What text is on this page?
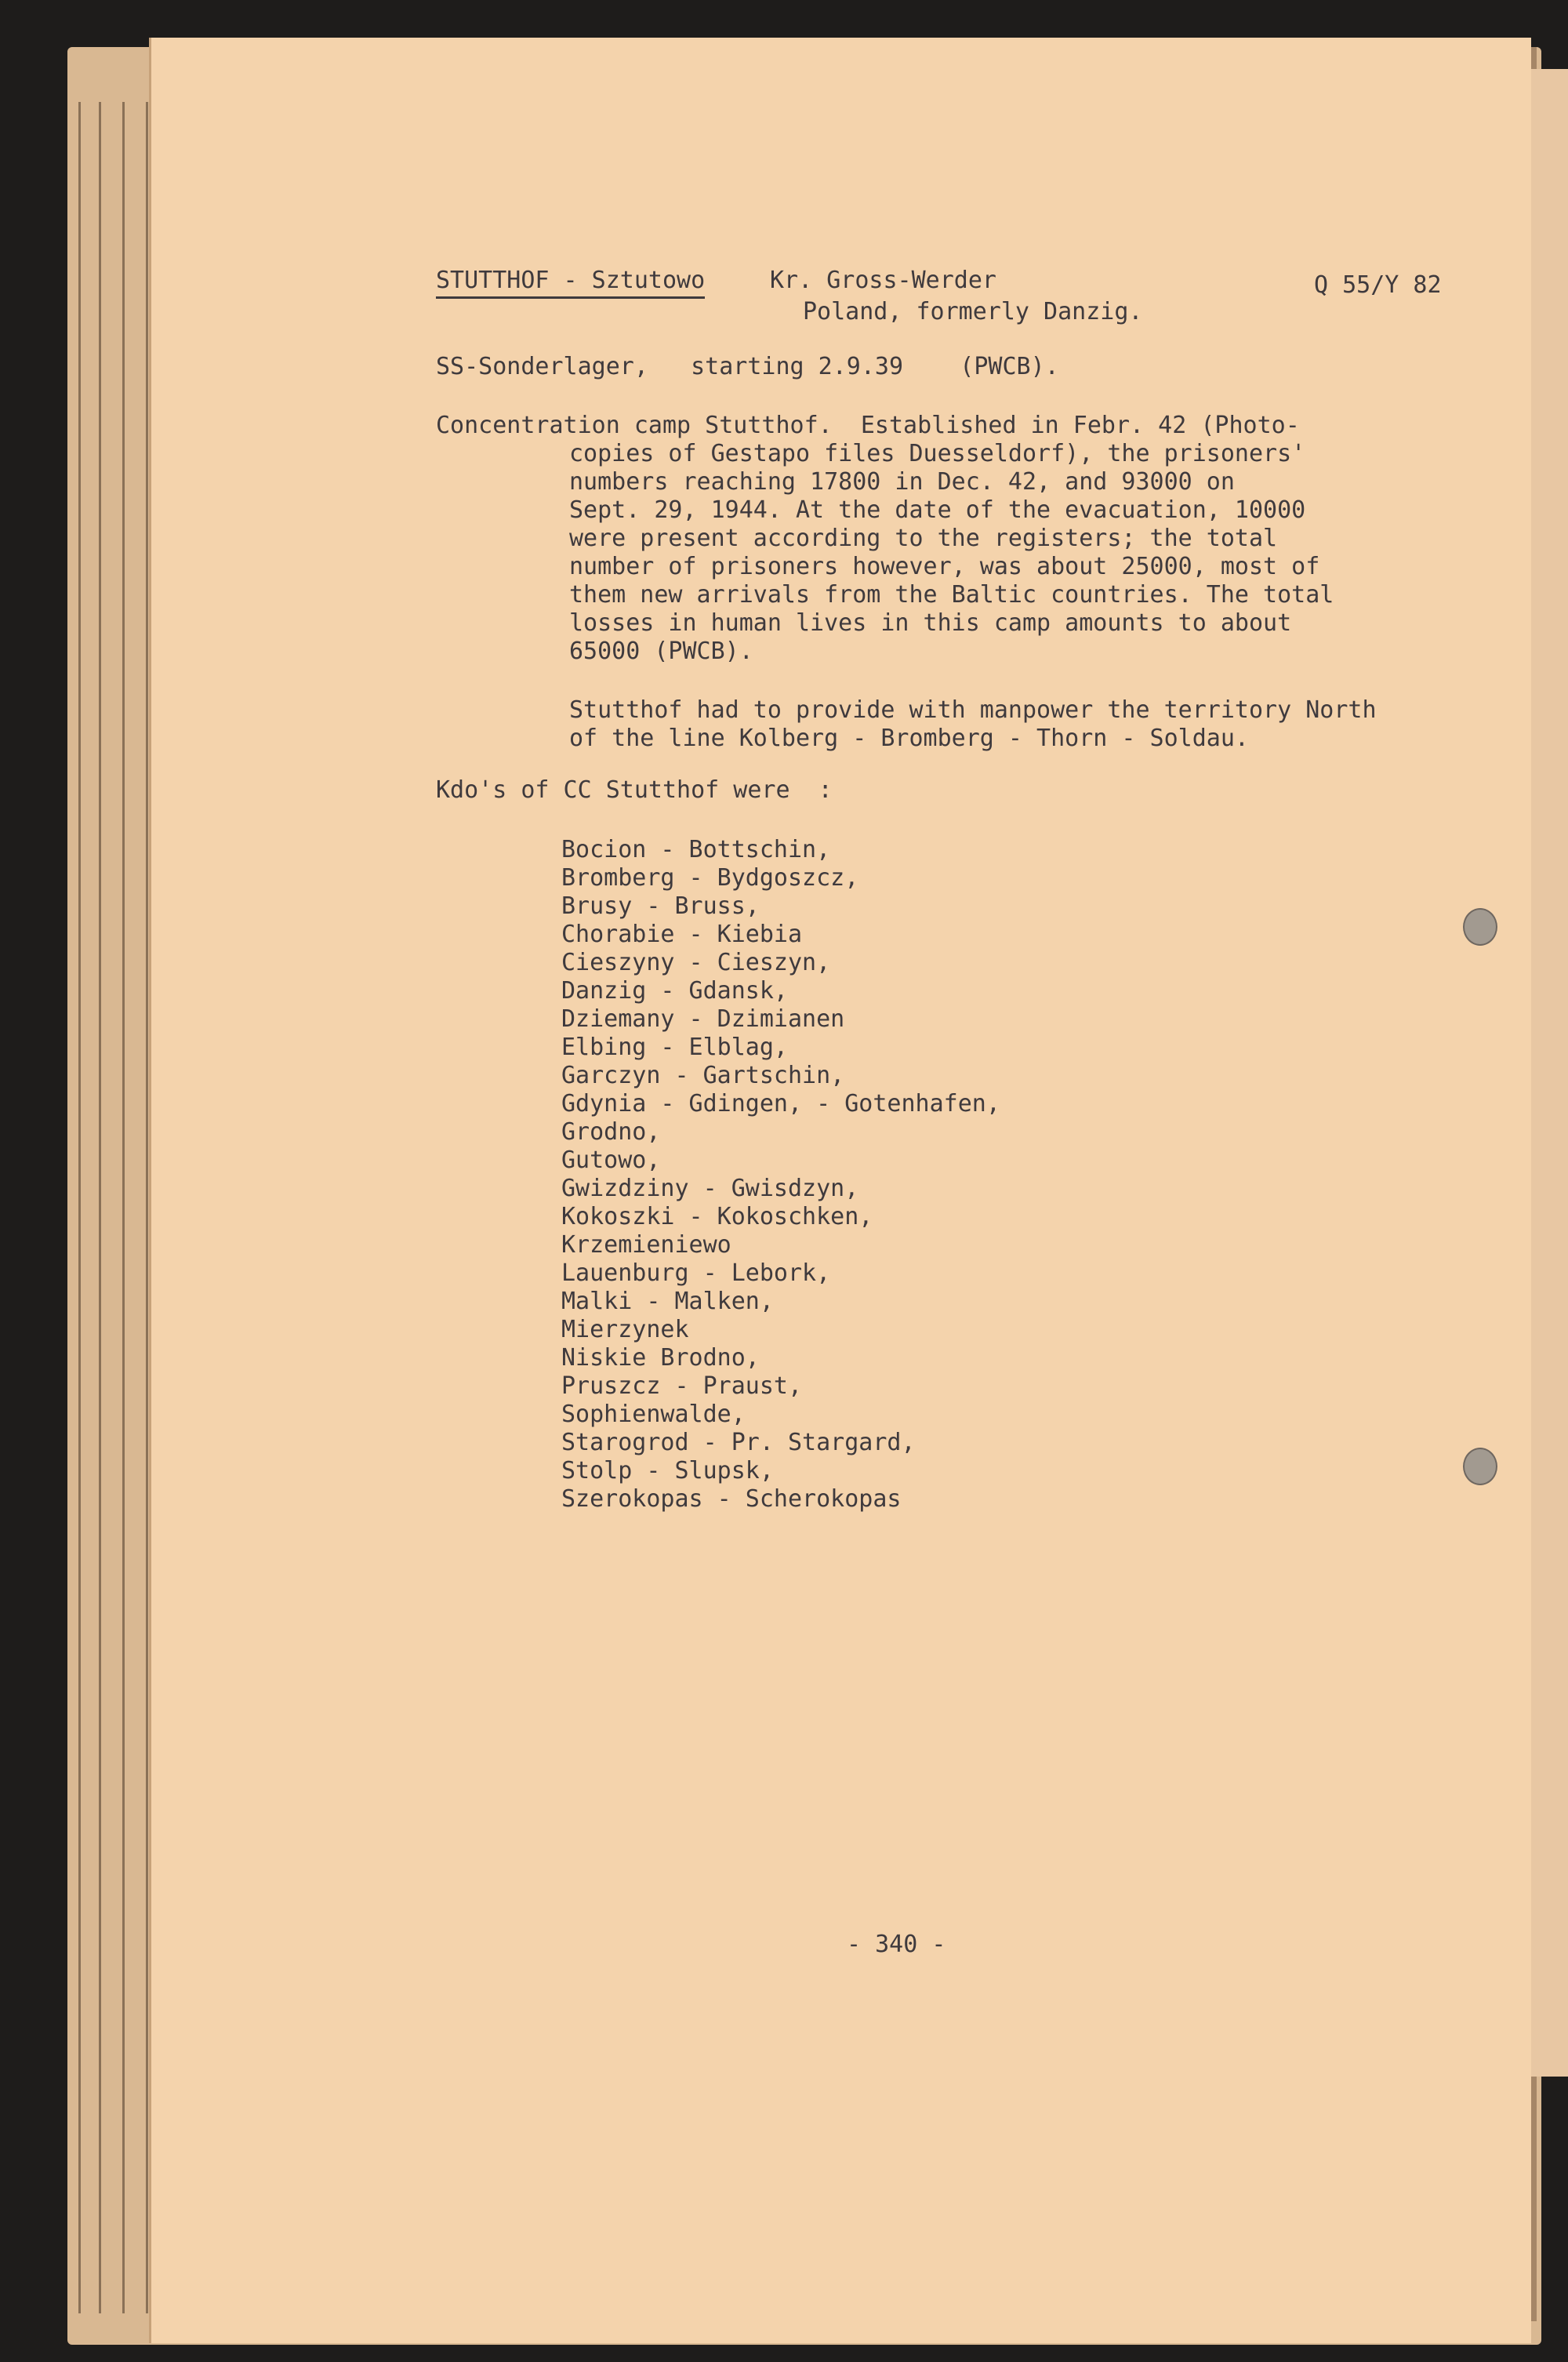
STUTTHOF - Sztutowo	Kr. Gross-Werder
Poland, formerly Danzig.
Q 55/Y 82
SS-Sonderlager,   starting 2.9.39    (PWCB).
Concentration camp Stutthof.  Established in Febr. 42 (Photo-
copies of Gestapo files Duesseldorf), the prisoners'
numbers reaching 17800 in Dec. 42, and 93000 on
Sept. 29, 1944. At the date of the evacuation, 10000
were present according to the registers; the total
number of prisoners however, was about 25000, most of
them new arrivals from the Baltic countries. The total
losses in human lives in this camp amounts to about
65000 (PWCB).
Stutthof had to provide with manpower the territory North
of the line Kolberg - Bromberg - Thorn - Soldau.
Kdo's of CC Stutthof were  :
Bocion - Bottschin,
Bromberg - Bydgoszcz,
Brusy - Bruss,
Chorabie - Kiebia
Cieszyny - Cieszyn,
Danzig - Gdansk,
Dziemany - Dzimianen
Elbing - Elblag,
Garczyn - Gartschin,
Gdynia - Gdingen, - Gotenhafen,
Grodno,
Gutowo,
Gwizdziny - Gwisdzyn,
Kokoszki - Kokoschken,
Krzemieniewo
Lauenburg - Lebork,
Malki - Malken,
Mierzynek
Niskie Brodno,
Pruszcz - Praust,
Sophienwalde,
Starogrod - Pr. Stargard,
Stolp - Slupsk,
Szerokopas - Scherokopas
- 340 -
